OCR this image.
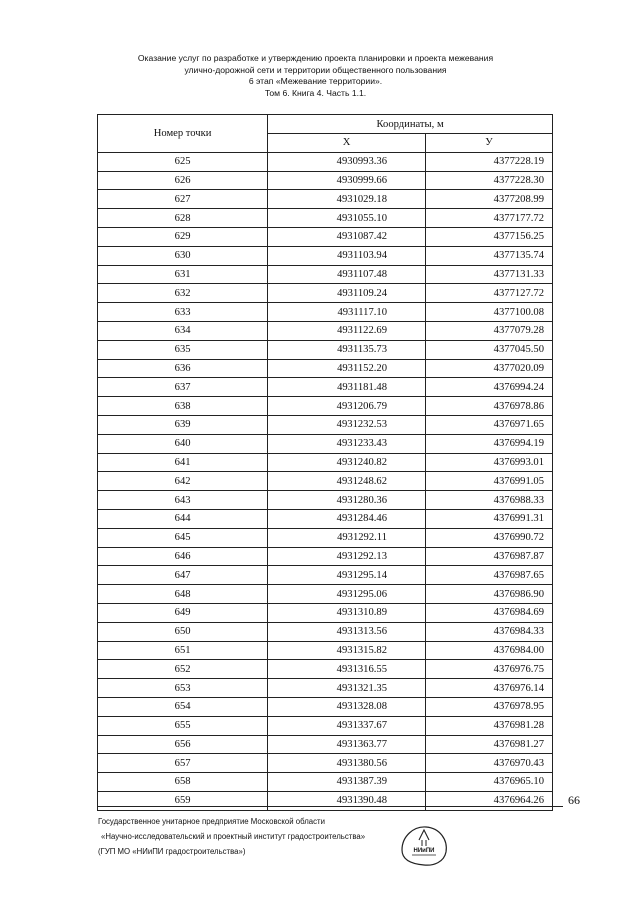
Оказание услуг по разработке и утверждению проекта планировки и проекта межевания
улично-дорожной сети и территории общественного пользования
6 этап «Межевание территории».
Том 6. Книга 4. Часть 1.1.
Номер точки	Координаты, м	
	X	У
625	4930993.36	4377228.19
626	4930999.66	4377228.30
627	4931029.18	4377208.99
628	4931055.10	4377177.72
629	4931087.42	4377156.25
630	4931103.94	4377135.74
631	4931107.48	4377131.33
632	4931109.24	4377127.72
633	4931117.10	4377100.08
634	4931122.69	4377079.28
635	4931135.73	4377045.50
636	4931152.20	4377020.09
637	4931181.48	4376994.24
638	4931206.79	4376978.86
639	4931232.53	4376971.65
640	4931233.43	4376994.19
641	4931240.82	4376993.01
642	4931248.62	4376991.05
643	4931280.36	4376988.33
644	4931284.46	4376991.31
645	4931292.11	4376990.72
646	4931292.13	4376987.87
647	4931295.14	4376987.65
648	4931295.06	4376986.90
649	4931310.89	4376984.69
650	4931313.56	4376984.33
651	4931315.82	4376984.00
652	4931316.55	4376976.75
653	4931321.35	4376976.14
654	4931328.08	4376978.95
655	4931337.67	4376981.28
656	4931363.77	4376981.27
657	4931380.56	4376970.43
658	4931387.39	4376965.10
659	4931390.48	4376964.26 66
Государственное унитарное предприятие Московской области
«Научно-исследовательский и проектный институт градостроительства»
(ГУП МО «НИиПИ градостроительства»)	НИиПИ
